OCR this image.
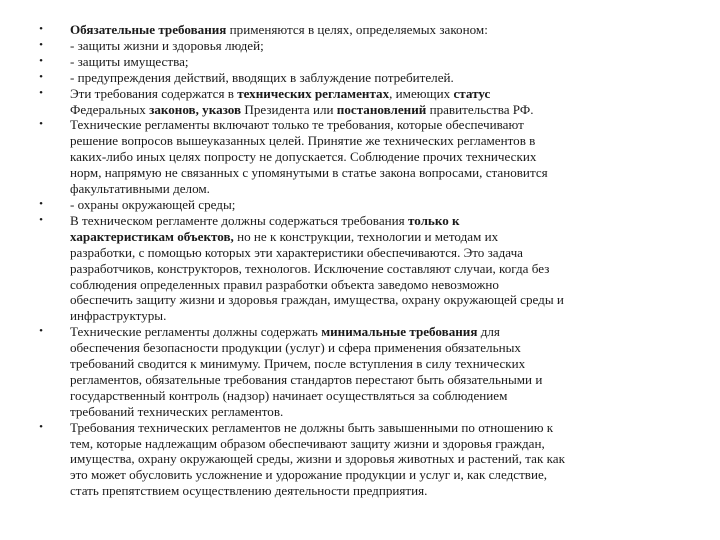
• Обязательные требования применяются в целях, определяемых законом:
• - защиты жизни и здоровья людей;
• - защиты имущества;
• - предупреждения действий, вводящих в заблуждение потребителей.
• Эти требования содержатся в технических регламентах, имеющих статус
Федеральных законов, указов Президента или постановлений правительства РФ.
• Технические регламенты включают только те требования, которые обеспечивают
решение вопросов вышеуказанных целей. Принятие же технических регламентов в
каких-либо иных целях попросту не допускается. Соблюдение прочих технических
норм, напрямую не связанных с упомянутыми в статье закона вопросами, становится
факультативными делом.
• - охраны окружающей среды;
• В техническом регламенте должны содержаться требования только к
характеристикам объектов, но не к конструкции, технологии и методам их
разработки, с помощью которых эти характеристики обеспечиваются. Это задача
разработчиков, конструкторов, технологов. Исключение составляют случаи, когда без
соблюдения определенных правил разработки объекта заведомо невозможно
обеспечить защиту жизни и здоровья граждан, имущества, охрану окружающей среды и
инфраструктуры.
• Технические регламенты должны содержать минимальные требования для
обеспечения безопасности продукции (услуг) и сфера применения обязательных
требований сводится к минимуму. Причем, после вступления в силу технических
регламентов, обязательные требования стандартов перестают быть обязательными и
государственный контроль (надзор) начинает осуществляться за соблюдением
требований технических регламентов.
• Требования технических регламентов не должны быть завышенными по отношению к
тем, которые надлежащим образом обеспечивают защиту жизни и здоровья граждан,
имущества, охрану окружающей среды, жизни и здоровья животных и растений, так как
это может обусловить усложнение и удорожание продукции и услуг и, как следствие,
стать препятствием осуществлению деятельности предприятия.
